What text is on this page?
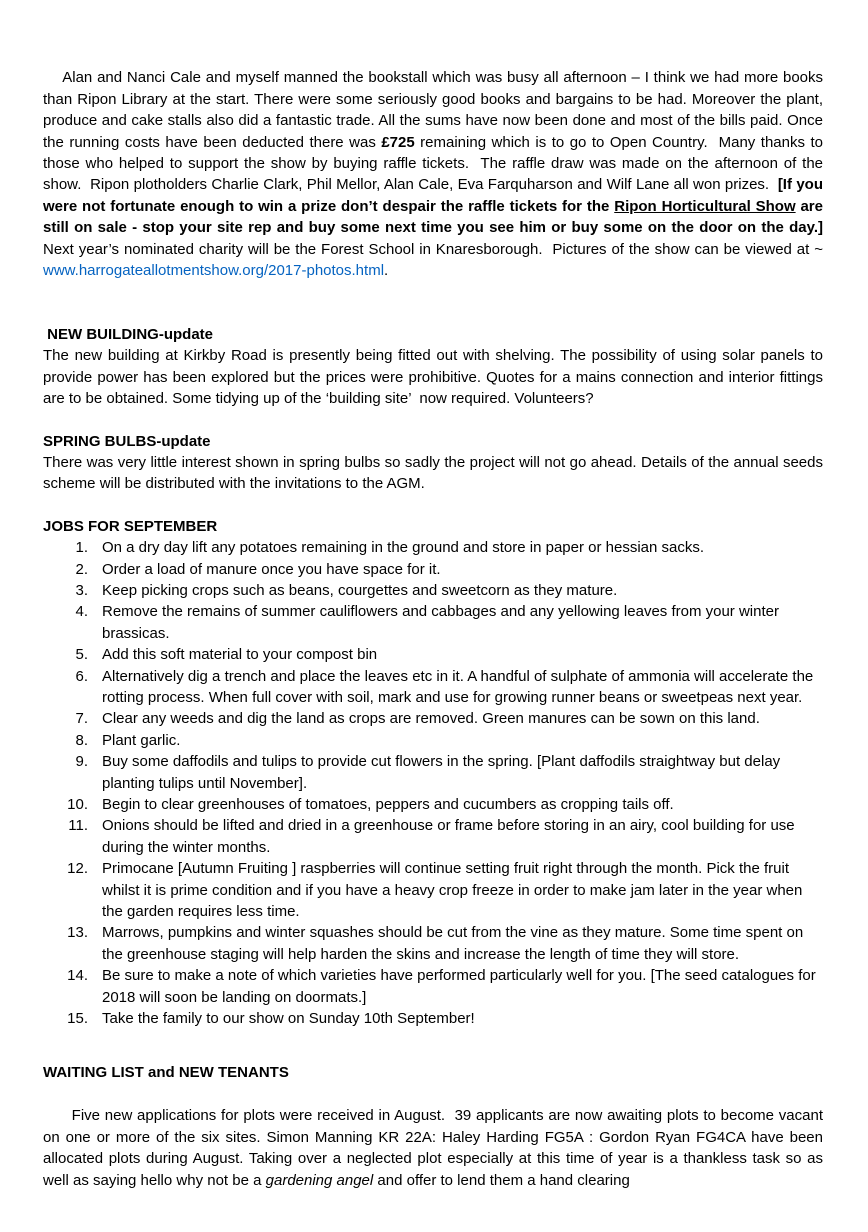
Alan and Nanci Cale and myself manned the bookstall which was busy all afternoon – I think we had more books than Ripon Library at the start. There were some seriously good books and bargains to be had. Moreover the plant, produce and cake stalls also did a fantastic trade. All the sums have now been done and most of the bills paid. Once the running costs have been deducted there was £725 remaining which is to go to Open Country.  Many thanks to those who helped to support the show by buying raffle tickets.  The raffle draw was made on the afternoon of the show.  Ripon plotholders Charlie Clark, Phil Mellor, Alan Cale, Eva Farquharson and Wilf Lane all won prizes.  [If you were not fortunate enough to win a prize don’t despair the raffle tickets for the Ripon Horticultural Show are still on sale - stop your site rep and buy some next time you see him or buy some on the door on the day.]  Next year’s nominated charity will be the Forest School in Knaresborough.  Pictures of the show can be viewed at ~ www.harrogateallotmentshow.org/2017-photos.html.

NEW BUILDING-update

The new building at Kirkby Road is presently being fitted out with shelving. The possibility of using solar panels to provide power has been explored but the prices were prohibitive. Quotes for a mains connection and interior fittings are to be obtained. Some tidying up of the ‘building site’  now required. Volunteers?

SPRING BULBS-update

There was very little interest shown in spring bulbs so sadly the project will not go ahead. Details of the annual seeds scheme will be distributed with the invitations to the AGM.

JOBS FOR SEPTEMBER
1. On a dry day lift any potatoes remaining in the ground and store in paper or hessian sacks.
2. Order a load of manure once you have space for it.
3. Keep picking crops such as beans, courgettes and sweetcorn as they mature.
4. Remove the remains of summer cauliflowers and cabbages and any yellowing leaves from your winter brassicas.
5. Add this soft material to your compost bin
6. Alternatively dig a trench and place the leaves etc in it. A handful of sulphate of ammonia will accelerate the rotting process. When full cover with soil, mark and use for growing runner beans or sweetpeas next year.
7. Clear any weeds and dig the land as crops are removed. Green manures can be sown on this land.
8. Plant garlic.
9. Buy some daffodils and tulips to provide cut flowers in the spring. [Plant daffodils straightway but delay planting tulips until November].
10. Begin to clear greenhouses of tomatoes, peppers and cucumbers as cropping tails off.
11. Onions should be lifted and dried in a greenhouse or frame before storing in an airy, cool building for use during the winter months.
12. Primocane [Autumn Fruiting ] raspberries will continue setting fruit right through the month. Pick the fruit whilst it is prime condition and if you have a heavy crop freeze in order to make jam later in the year when the garden requires less time.
13. Marrows, pumpkins and winter squashes should be cut from the vine as they mature. Some time spent on the greenhouse staging will help harden the skins and increase the length of time they will store.
14. Be sure to make a note of which varieties have performed particularly well for you. [The seed catalogues for 2018 will soon be landing on doormats.]
15. Take the family to our show on Sunday 10th September!
WAITING LIST and NEW TENANTS

Five new applications for plots were received in August.  39 applicants are now awaiting plots to become vacant on one or more of the six sites. Simon Manning KR 22A: Haley Harding FG5A : Gordon Ryan FG4CA have been allocated plots during August. Taking over a neglected plot especially at this time of year is a thankless task so as well as saying hello why not be a gardening angel and offer to lend them a hand clearing
